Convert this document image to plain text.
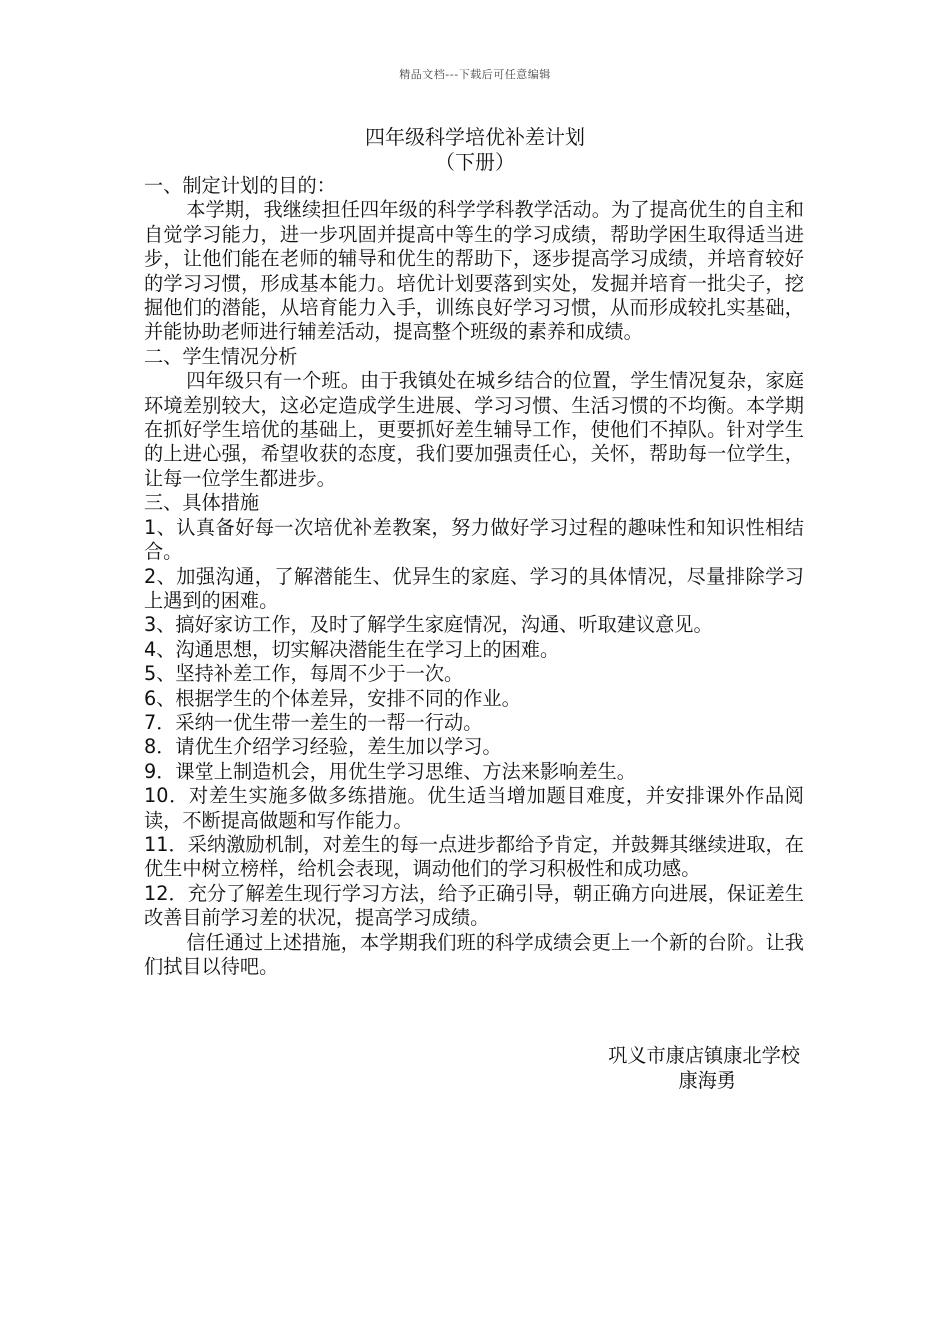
精品文档---下载后可任意编辑
四年级科学培优补差计划
（下册）

一、制定计划的目的：

本学期，我继续担任四年级的科学学科教学活动。为了提高优生的自主和自觉学习能力，进一步巩固并提高中等生的学习成绩，帮助学困生取得适当进步，让他们能在老师的辅导和优生的帮助下，逐步提高学习成绩，并培育较好的学习习惯，形成基本能力。培优计划要落到实处，发掘并培育一批尖子，挖掘他们的潜能，从培育能力入手，训练良好学习习惯，从而形成较扎实基础，并能协助老师进行辅差活动，提高整个班级的素养和成绩。

二、学生情况分析

四年级只有一个班。由于我镇处在城乡结合的位置，学生情况复杂，家庭环境差别较大，这必定造成学生进展、学习习惯、生活习惯的不均衡。本学期在抓好学生培优的基础上，更要抓好差生辅导工作，使他们不掉队。针对学生的上进心强，希望收获的态度，我们要加强责任心，关怀，帮助每一位学生，让每一位学生都进步。

三、具体措施

1、认真备好每一次培优补差教案，努力做好学习过程的趣味性和知识性相结合。

2、加强沟通，了解潜能生、优异生的家庭、学习的具体情况，尽量排除学习上遇到的困难。

3、搞好家访工作，及时了解学生家庭情况，沟通、听取建议意见。

4、沟通思想，切实解决潜能生在学习上的困难。

5、坚持补差工作，每周不少于一次。

6、根据学生的个体差异，安排不同的作业。

7．采纳一优生带一差生的一帮一行动。

8．请优生介绍学习经验，差生加以学习。

9．课堂上制造机会，用优生学习思维、方法来影响差生。

10．对差生实施多做多练措施。优生适当增加题目难度，并安排课外作品阅读，不断提高做题和写作能力。

11．采纳激励机制，对差生的每一点进步都给予肯定，并鼓舞其继续进取，在优生中树立榜样，给机会表现，调动他们的学习积极性和成功感。

12．充分了解差生现行学习方法，给予正确引导，朝正确方向进展，保证差生改善目前学习差的状况，提高学习成绩。

信任通过上述措施，本学期我们班的科学成绩会更上一个新的台阶。让我们拭目以待吧。

巩义市康店镇康北学校
康海勇
